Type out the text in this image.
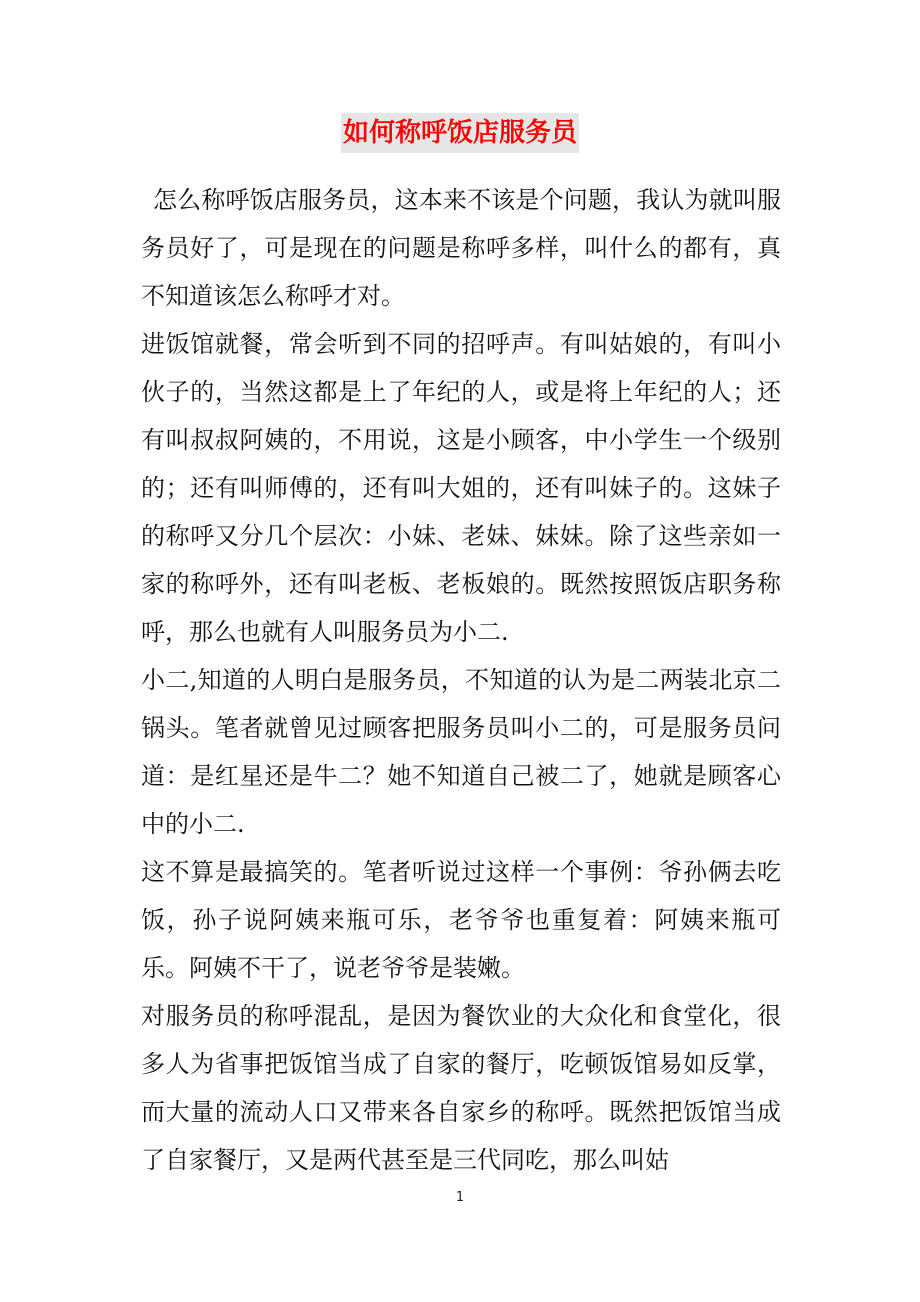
如何称呼饭店服务员

怎么称呼饭店服务员，这本来不该是个问题，我认为就叫服务员好了，可是现在的问题是称呼多样，叫什么的都有，真不知道该怎么称呼才对。

进饭馆就餐，常会听到不同的招呼声。有叫姑娘的，有叫小伙子的，当然这都是上了年纪的人，或是将上年纪的人；还有叫叔叔阿姨的，不用说，这是小顾客，中小学生一个级别的；还有叫师傅的，还有叫大姐的，还有叫妹子的。这妹子的称呼又分几个层次：小妹、老妹、妹妹。除了这些亲如一家的称呼外，还有叫老板、老板娘的。既然按照饭店职务称呼，那么也就有人叫服务员为小二.

小二,知道的人明白是服务员，不知道的认为是二两装北京二锅头。笔者就曾见过顾客把服务员叫小二的，可是服务员问道：是红星还是牛二？她不知道自己被二了，她就是顾客心中的小二.

这不算是最搞笑的。笔者听说过这样一个事例：爷孙俩去吃饭，孙子说阿姨来瓶可乐，老爷爷也重复着：阿姨来瓶可乐。阿姨不干了，说老爷爷是装嫩。

对服务员的称呼混乱，是因为餐饮业的大众化和食堂化，很多人为省事把饭馆当成了自家的餐厅，吃顿饭馆易如反掌，而大量的流动人口又带来各自家乡的称呼。既然把饭馆当成了自家餐厅，又是两代甚至是三代同吃，那么叫姑

1
